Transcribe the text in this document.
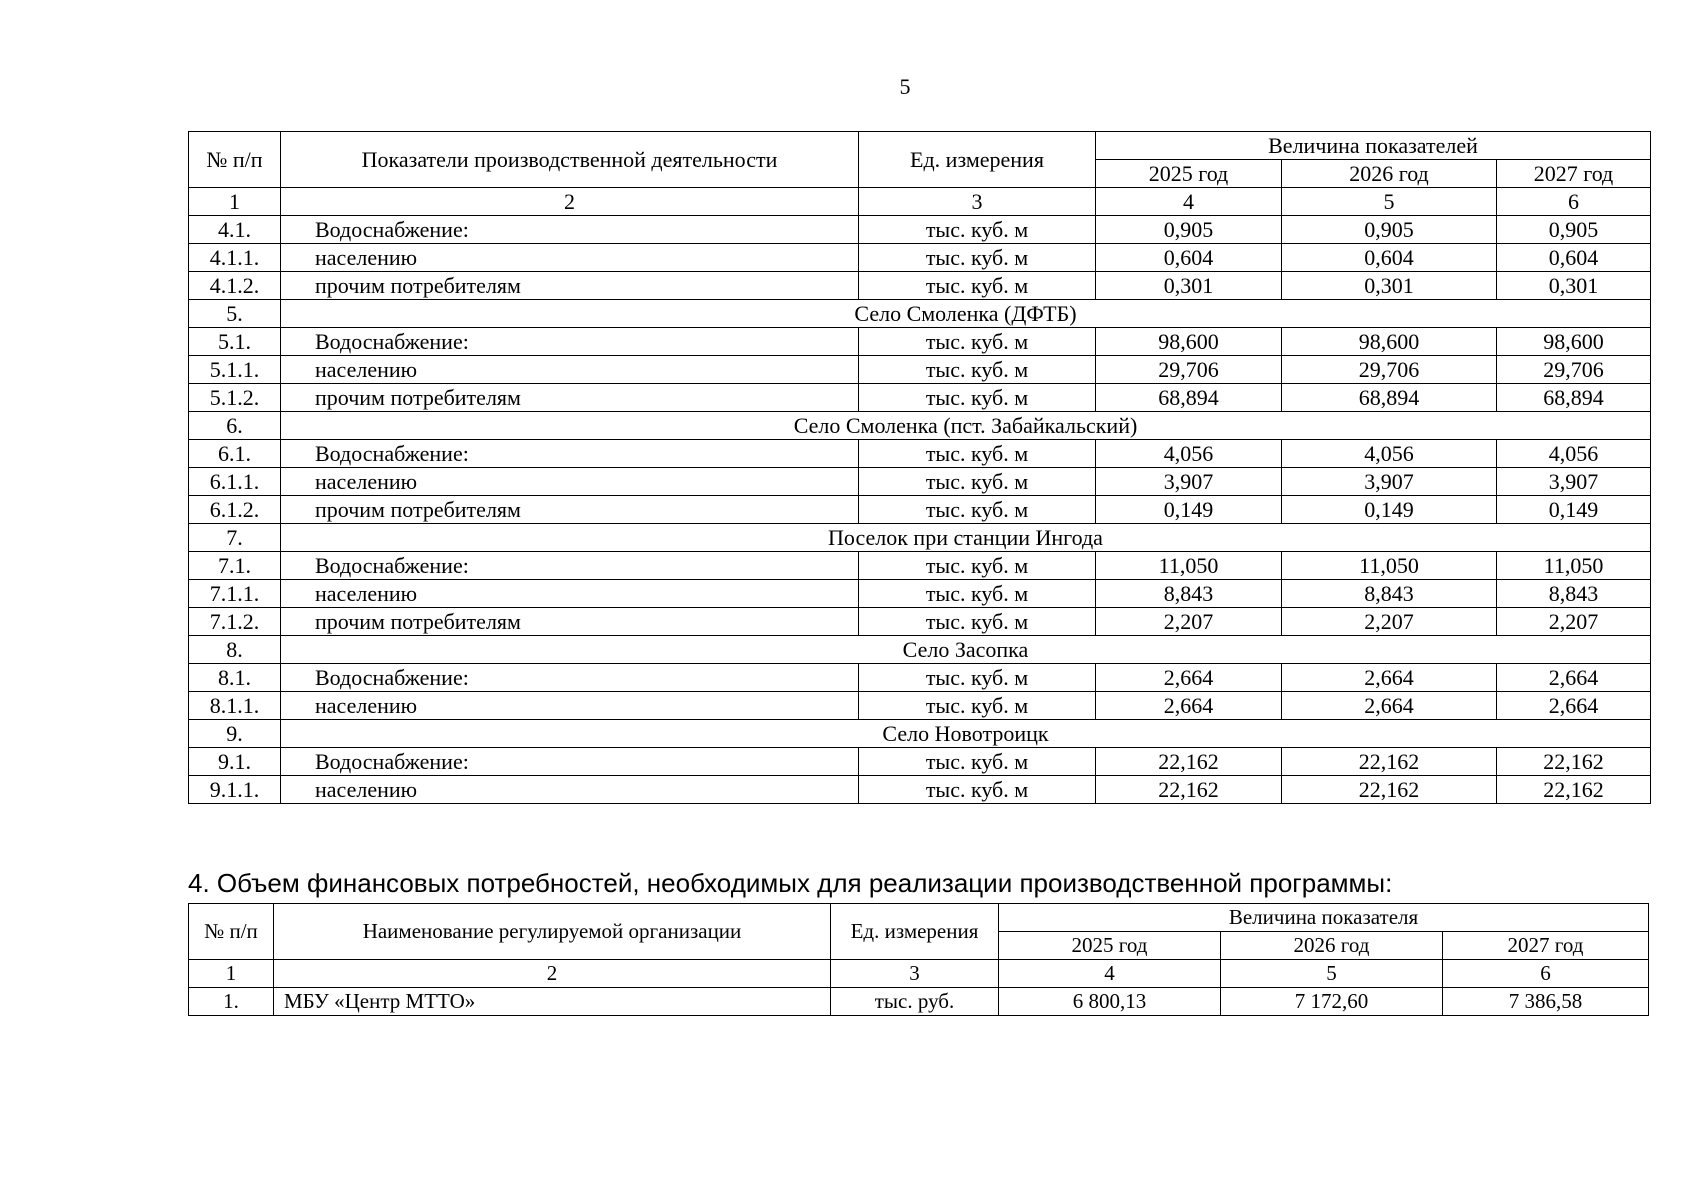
5
№ п/п	Показатели производственной деятельности	Ед. измерения	Величина показателей		
			2025 год	2026 год	2027 год
1	2	3	4	5	6
4.1.	Водоснабжение:	тыс. куб. м	0,905	0,905	0,905
4.1.1.	населению	тыс. куб. м	0,604	0,604	0,604
4.1.2.	прочим потребителям	тыс. куб. м	0,301	0,301	0,301
5.	Село Смоленка (ДФТБ)				
5.1.	Водоснабжение:	тыс. куб. м	98,600	98,600	98,600
5.1.1.	населению	тыс. куб. м	29,706	29,706	29,706
5.1.2.	прочим потребителям	тыс. куб. м	68,894	68,894	68,894
6.	Село Смоленка (пст. Забайкальский)				
6.1.	Водоснабжение:	тыс. куб. м	4,056	4,056	4,056
6.1.1.	населению	тыс. куб. м	3,907	3,907	3,907
6.1.2.	прочим потребителям	тыс. куб. м	0,149	0,149	0,149
7.	Поселок при станции Ингода				
7.1.	Водоснабжение:	тыс. куб. м	11,050	11,050	11,050
7.1.1.	населению	тыс. куб. м	8,843	8,843	8,843
7.1.2.	прочим потребителям	тыс. куб. м	2,207	2,207	2,207
8.	Село Засопка				
8.1.	Водоснабжение:	тыс. куб. м	2,664	2,664	2,664
8.1.1.	населению	тыс. куб. м	2,664	2,664	2,664
9.	Село Новотроицк				
9.1.	Водоснабжение:	тыс. куб. м	22,162	22,162	22,162
9.1.1.	населению	тыс. куб. м	22,162	22,162	22,162
4. Объем финансовых потребностей, необходимых для реализации производственной программы:
№ п/п	Наименование регулируемой организации	Ед. измерения	Величина показателя		
			2025 год	2026 год	2027 год
1	2	3	4	5	6
1.	МБУ «Центр МТТО»	тыс. руб.	6 800,13	7 172,60	7 386,58
